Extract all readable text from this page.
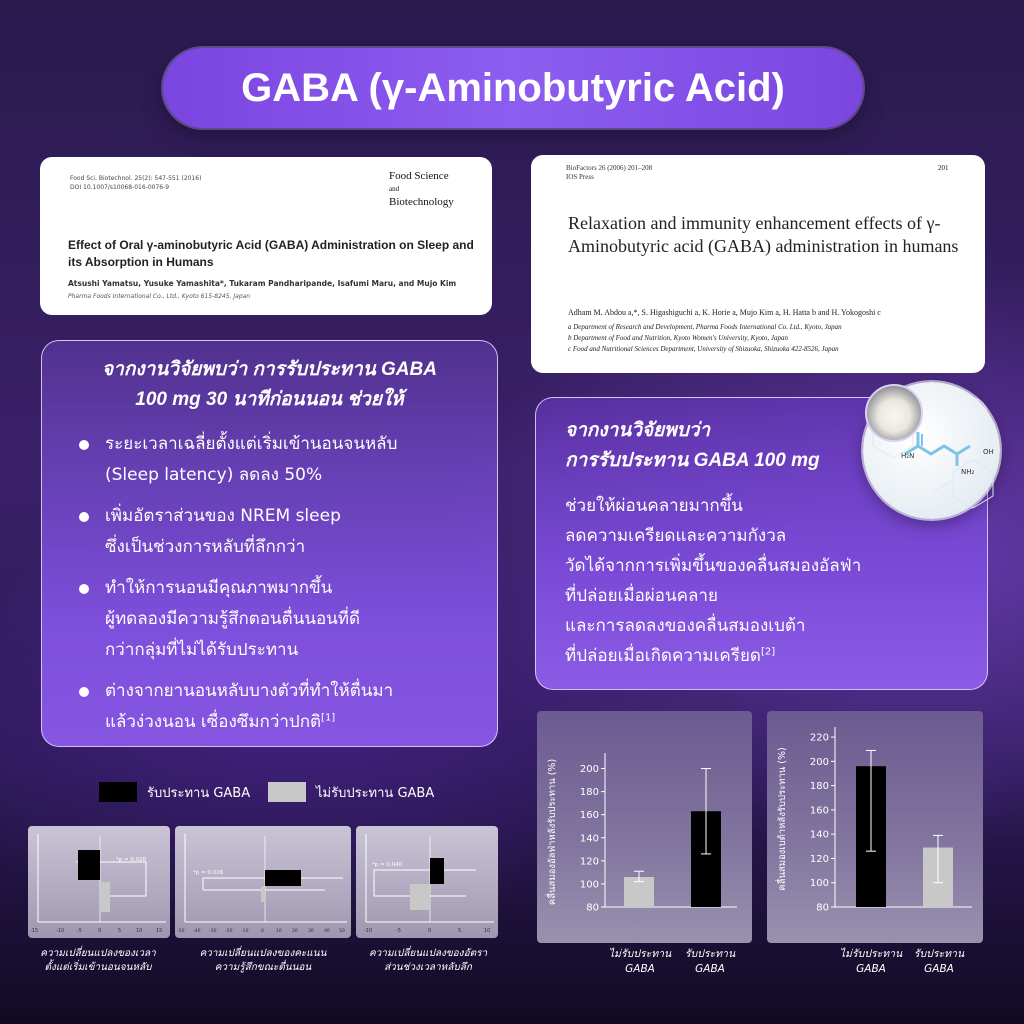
GABA (γ-Aminobutyric Acid)
Food Sci. Biotechnol. 25(2): 547-551 (2016)
DOI 10.1007/s10068-016-0076-9
Food Science
and
Biotechnology
Effect of Oral γ-aminobutyric Acid (GABA) Administration on Sleep and its Absorption in Humans
Atsushi Yamatsu, Yusuke Yamashita*, Tukaram Pandharipande, Isafumi Maru, and Mujo Kim
Pharma Foods International Co., Ltd., Kyoto 615-8245, Japan
BioFactors 26 (2006) 201–208
IOS Press
201
Relaxation and immunity enhancement effects of γ-Aminobutyric acid (GABA) administration in humans
Adham M. Abdou a,*, S. Higashiguchi a, K. Horie a, Mujo Kim a, H. Hatta b and H. Yokogoshi c
a Department of Research and Development, Pharma Foods International Co. Ltd., Kyoto, Japan
b Department of Food and Nutrition, Kyoto Women's University, Kyoto, Japan
c Food and Nutritional Sciences Department, University of Shizuoka, Shizuoka 422-8526, Japan
จากงานวิจัยพบว่า การรับประทาน GABA
100 mg 30 นาทีก่อนนอน ช่วยให้
ระยะเวลาเฉลี่ยตั้งแต่เริ่มเข้านอนจนหลับ
(Sleep latency) ลดลง 50%
เพิ่มอัตราส่วนของ NREM sleep
ซึ่งเป็นช่วงการหลับที่ลึกกว่า
ทำให้การนอนมีคุณภาพมากขึ้น
ผู้ทดลองมีความรู้สึกตอนตื่นนอนที่ดี
กว่ากลุ่มที่ไม่ได้รับประทาน
ต่างจากยานอนหลับบางตัวที่ทำให้ตื่นมา
แล้วง่วงนอน เซื่องซึมกว่าปกติ[1]
จากงานวิจัยพบว่า
การรับประทาน GABA 100 mg
ช่วยให้ผ่อนคลายมากขึ้น
ลดความเครียดและความกังวล
วัดได้จากการเพิ่มขึ้นของคลื่นสมองอัลฟ่า
ที่ปล่อยเมื่อผ่อนคลาย
และการลดลงของคลื่นสมองเบต้า
ที่ปล่อยเมื่อเกิดความเครียด[2]
H₂N	OH
NH₂
รับประทาน GABA	ไม่รับประทาน GABA
*p = 0.020
-15	-10	-5	0	5	10	15
ความเปลี่ยนแปลงของเวลา
ตั้งแต่เริ่มเข้านอนจนหลับ
*p = 0.026
-50 -40 -30 -20 -10	0	10 20 30 40 50
ความเปลี่ยนแปลงของคะแนน
ความรู้สึกขณะตื่นนอน
*p = 0.040
-10	-5	0	5	10
ความเปลี่ยนแปลงของอัตรา
ส่วนช่วงเวลาหลับลึก
80
100
120
140
160
180
200
คลื่นสมองอัลฟ่าหลังรับประทาน (%)
ไม่รับประทาน GABA
รับประทาน GABA
80
100
120
140
160
180
200
220
คลื่นสมองเบต้าหลังรับประทาน (%)
ไม่รับประทาน GABA
รับประทาน GABA
